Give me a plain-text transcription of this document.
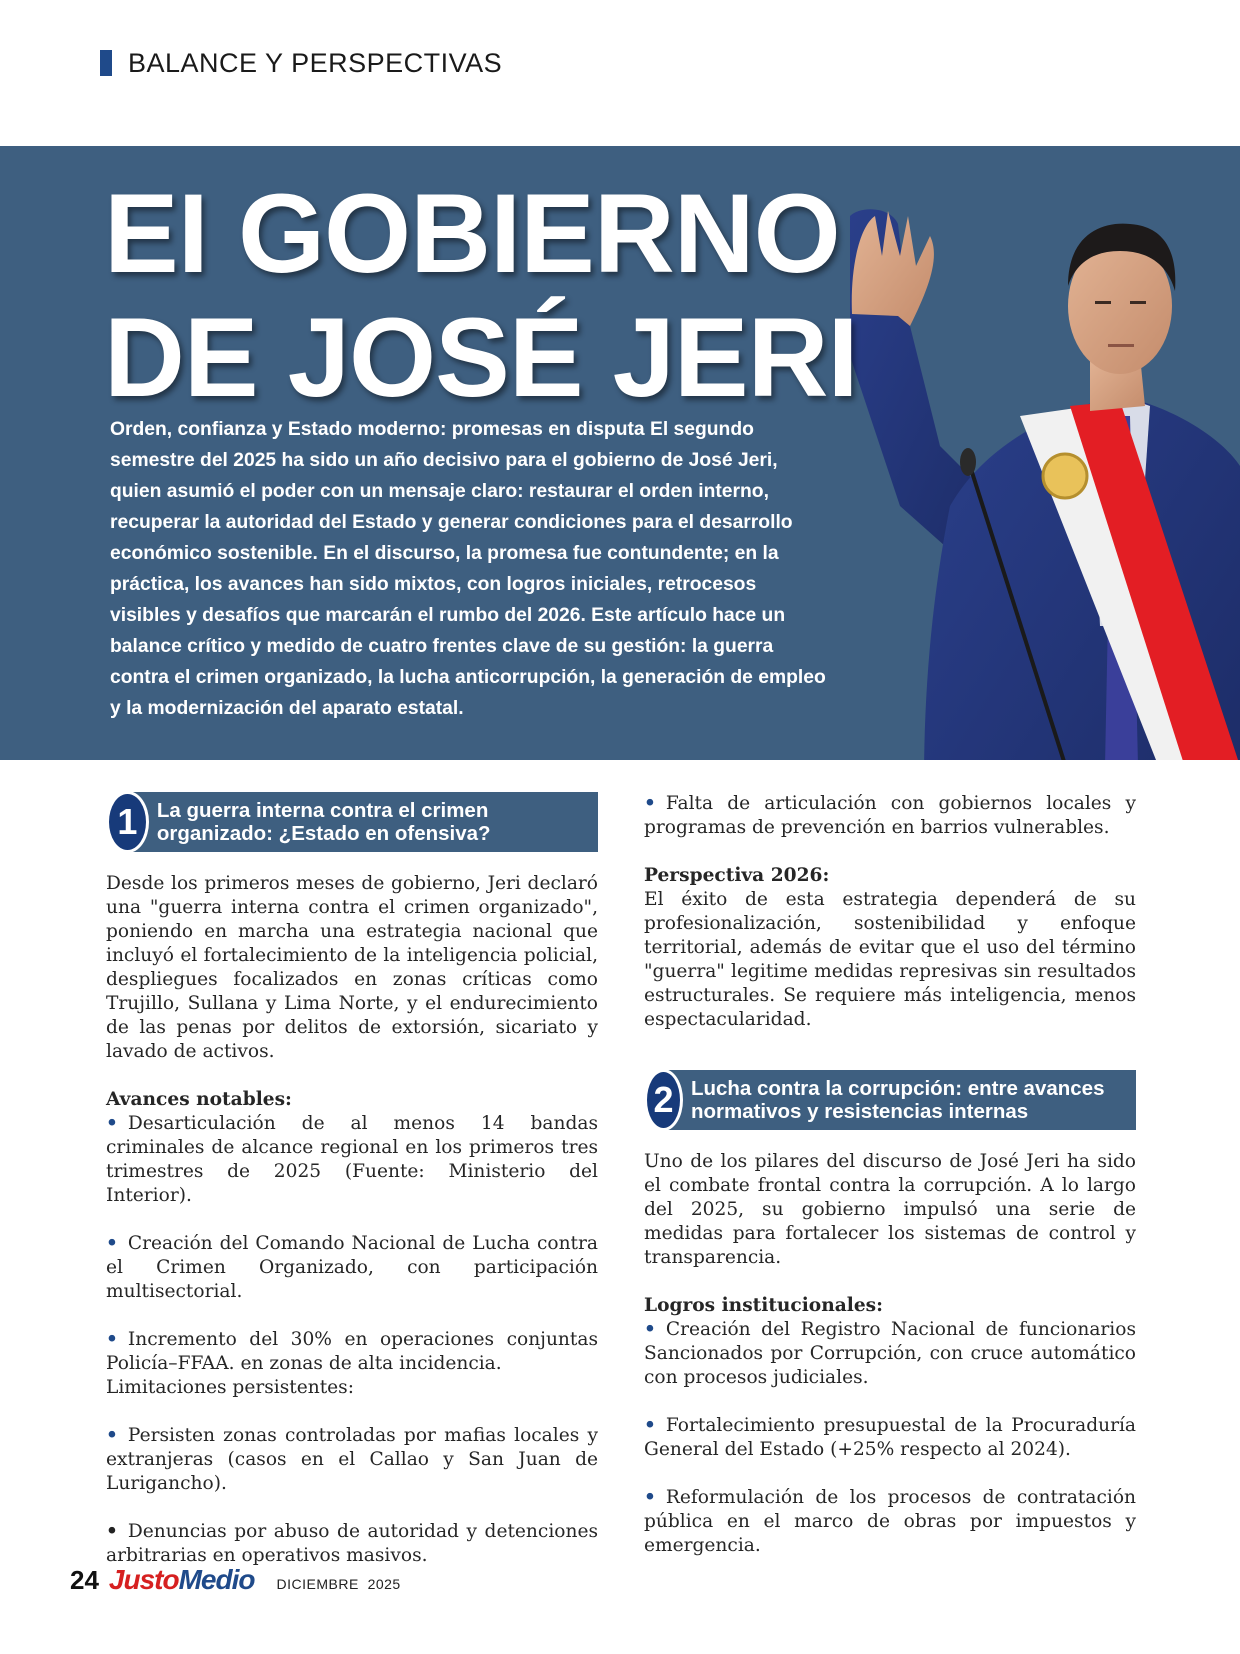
BALANCE Y PERSPECTIVAS
EI GOBIERNO
DE JOSÉ JERI

Orden, confianza y Estado moderno: promesas en disputa El segundo semestre del 2025 ha sido un año decisivo para el gobierno de José Jeri, quien asumió el poder con un mensaje claro: restaurar el orden interno, recuperar la autoridad del Estado y generar condiciones para el desarrollo económico sostenible. En el discurso, la promesa fue contundente; en la práctica, los avances han sido mixtos, con logros iniciales, retrocesos visibles y desafíos que marcarán el rumbo del 2026. Este artículo hace un balance crítico y medido de cuatro frentes clave de su gestión: la guerra contra el crimen organizado, la lucha anticorrupción, la generación de empleo y la modernización del aparato estatal.

1 La guerra interna contra el crimen organizado: ¿Estado en ofensiva?

Desde los primeros meses de gobierno, Jeri declaró una "guerra interna contra el crimen organizado", poniendo en marcha una estrategia nacional que incluyó el fortalecimiento de la inteligencia policial, despliegues focalizados en zonas críticas como Trujillo, Sullana y Lima Norte, y el endurecimiento de las penas por delitos de extorsión, sicariato y lavado de activos.

Avances notables:

• Desarticulación de al menos 14 bandas criminales de alcance regional en los primeros tres trimestres de 2025 (Fuente: Ministerio del Interior).

• Creación del Comando Nacional de Lucha contra el Crimen Organizado, con participación multisectorial.

• Incremento del 30% en operaciones conjuntas Policía–FFAA. en zonas de alta incidencia.

Limitaciones persistentes:

• Persisten zonas controladas por mafias locales y extranjeras (casos en el Callao y San Juan de Lurigancho).

• Denuncias por abuso de autoridad y detenciones arbitrarias en operativos masivos.

• Falta de articulación con gobiernos locales y programas de prevención en barrios vulnerables.

Perspectiva 2026:

El éxito de esta estrategia dependerá de su profesionalización, sostenibilidad y enfoque territorial, además de evitar que el uso del término "guerra" legitime medidas represivas sin resultados estructurales. Se requiere más inteligencia, menos espectacularidad.

2 Lucha contra la corrupción: entre avances normativos y resistencias internas

Uno de los pilares del discurso de José Jeri ha sido el combate frontal contra la corrupción. A lo largo del 2025, su gobierno impulsó una serie de medidas para fortalecer los sistemas de control y transparencia.

Logros institucionales:

• Creación del Registro Nacional de funcionarios Sancionados por Corrupción, con cruce automático con procesos judiciales.

• Fortalecimiento presupuestal de la Procuraduría General del Estado (+25% respecto al 2024).

• Reformulación de los procesos de contratación pública en el marco de obras por impuestos y emergencia.

24 Justo Medio DICIEMBRE  2025
